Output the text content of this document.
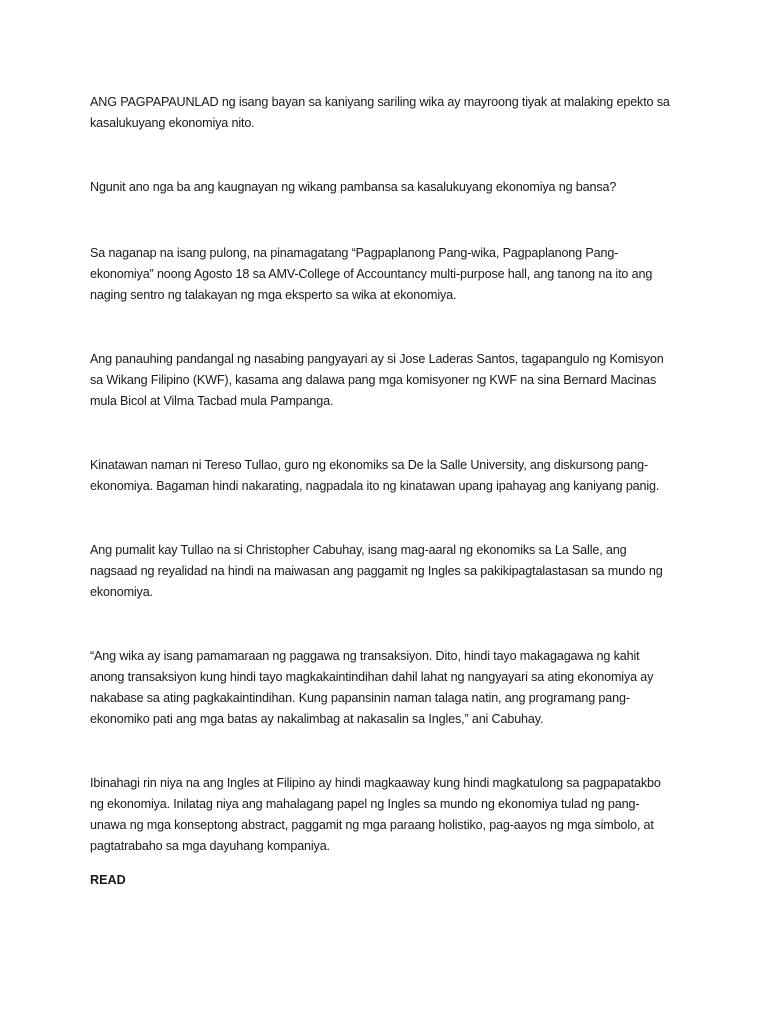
ANG PAGPAPAUNLAD ng isang bayan sa kaniyang sariling wika ay mayroong tiyak at malaking epekto sa
kasalukuyang ekonomiya nito.

Ngunit ano nga ba ang kaugnayan ng wikang pambansa sa kasalukuyang ekonomiya ng bansa?

Sa naganap na isang pulong, na pinamagatang “Pagpaplanong Pang-wika, Pagpaplanong Pang-
ekonomiya” noong Agosto 18 sa AMV-College of Accountancy multi-purpose hall, ang tanong na ito ang
naging sentro ng talakayan ng mga eksperto sa wika at ekonomiya.

Ang panauhing pandangal ng nasabing pangyayari ay si Jose Laderas Santos, tagapangulo ng Komisyon
sa Wikang Filipino (KWF), kasama ang dalawa pang mga komisyoner ng KWF na sina Bernard Macinas
mula Bicol at Vilma Tacbad mula Pampanga.

Kinatawan naman ni Tereso Tullao, guro ng ekonomiks sa De la Salle University, ang diskursong pang-
ekonomiya. Bagaman hindi nakarating, nagpadala ito ng kinatawan upang ipahayag ang kaniyang panig.

Ang pumalit kay Tullao na si Christopher Cabuhay, isang mag-aaral ng ekonomiks sa La Salle, ang
nagsaad ng reyalidad na hindi na maiwasan ang paggamit ng Ingles sa pakikipagtalastasan sa mundo ng
ekonomiya.

“Ang wika ay isang pamamaraan ng paggawa ng transaksiyon. Dito, hindi tayo makagagawa ng kahit
anong transaksiyon kung hindi tayo magkakaintindihan dahil lahat ng nangyayari sa ating ekonomiya ay
nakabase sa ating pagkakaintindihan. Kung papansinin naman talaga natin, ang programang pang-
ekonomiko pati ang mga batas ay nakalimbag at nakasalin sa Ingles,” ani Cabuhay.

Ibinahagi rin niya na ang Ingles at Filipino ay hindi magkaaway kung hindi magkatulong sa pagpapatakbo
ng ekonomiya. Inilatag niya ang mahalagang papel ng Ingles sa mundo ng ekonomiya tulad ng pang-
unawa ng mga konseptong abstract, paggamit ng mga paraang holistiko, pag-aayos ng mga simbolo, at
pagtatrabaho sa mga dayuhang kompaniya.

READ
